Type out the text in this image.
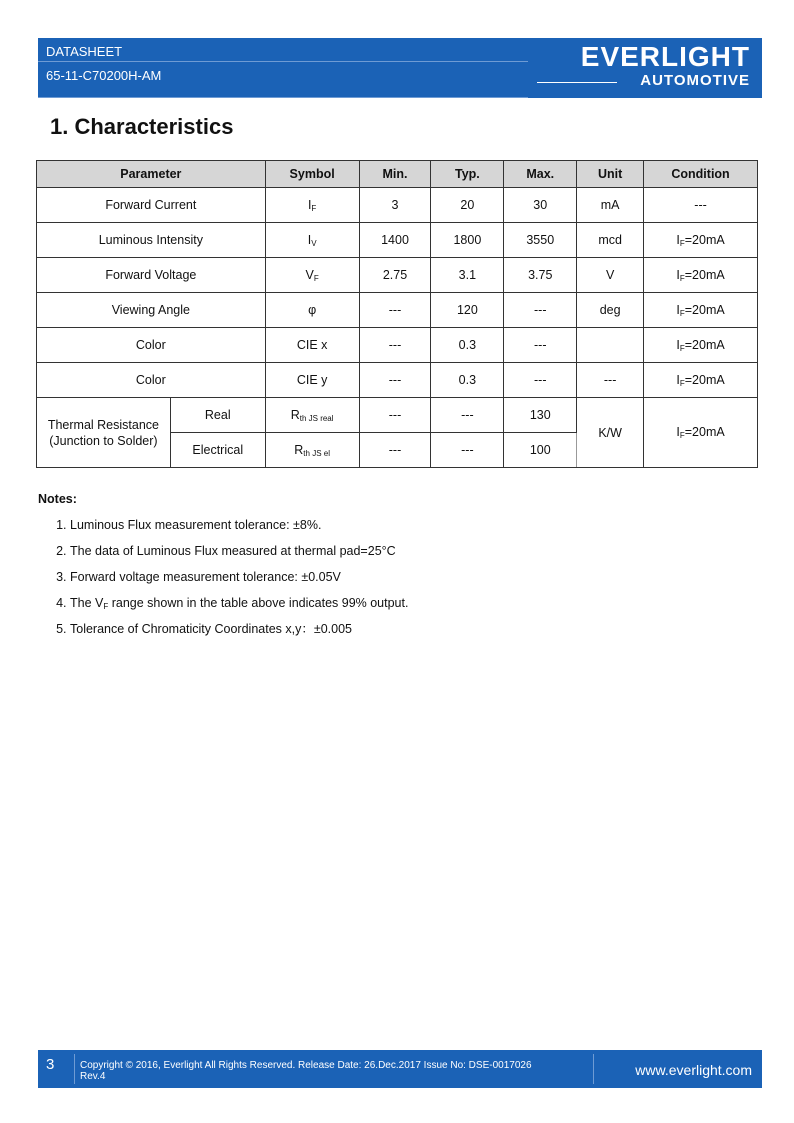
DATASHEET
65-11-C70200H-AM
EVERLIGHT
AUTOMOTIVE
1. Characteristics
Parameter		Symbol	Min.	Typ.	Max.	Unit	Condition
Forward Current		$I_F$	3	20	30	mA	---
Luminous Intensity		$I_V$	1400	1800	3550	mcd	$I_F=20mA$
Forward Voltage		$V_F$	2.75	3.1	3.75	V	$I_F=20mA$
Viewing Angle		φ	---	120	---	deg	$I_F=20mA$
Color		CIE x	---	0.3	---		$I_F=20mA$
Color		CIE y	---	0.3	---	---	$I_F=20mA$

Thermal Resistance
(Junction to Solder)	Real	$R_{th JS real}$	---	---	130	K/W	$I_F=20mA$
	Electrical	$R_{th JS el}$	---	---	100		
Notes:
1. Luminous Flux measurement tolerance: ±8%.
2. The data of Luminous Flux measured at thermal pad=25°C
3. Forward voltage measurement tolerance: ±0.05V
4. The $V_F$ range shown in the table above indicates 99% output.
5. Tolerance of Chromaticity Coordinates x,y：±0.005
3	Copyright © 2016, Everlight All Rights Reserved. Release Date: 26.Dec.2017 Issue No: DSE-0017026
Rev.4	www.everlight.com
